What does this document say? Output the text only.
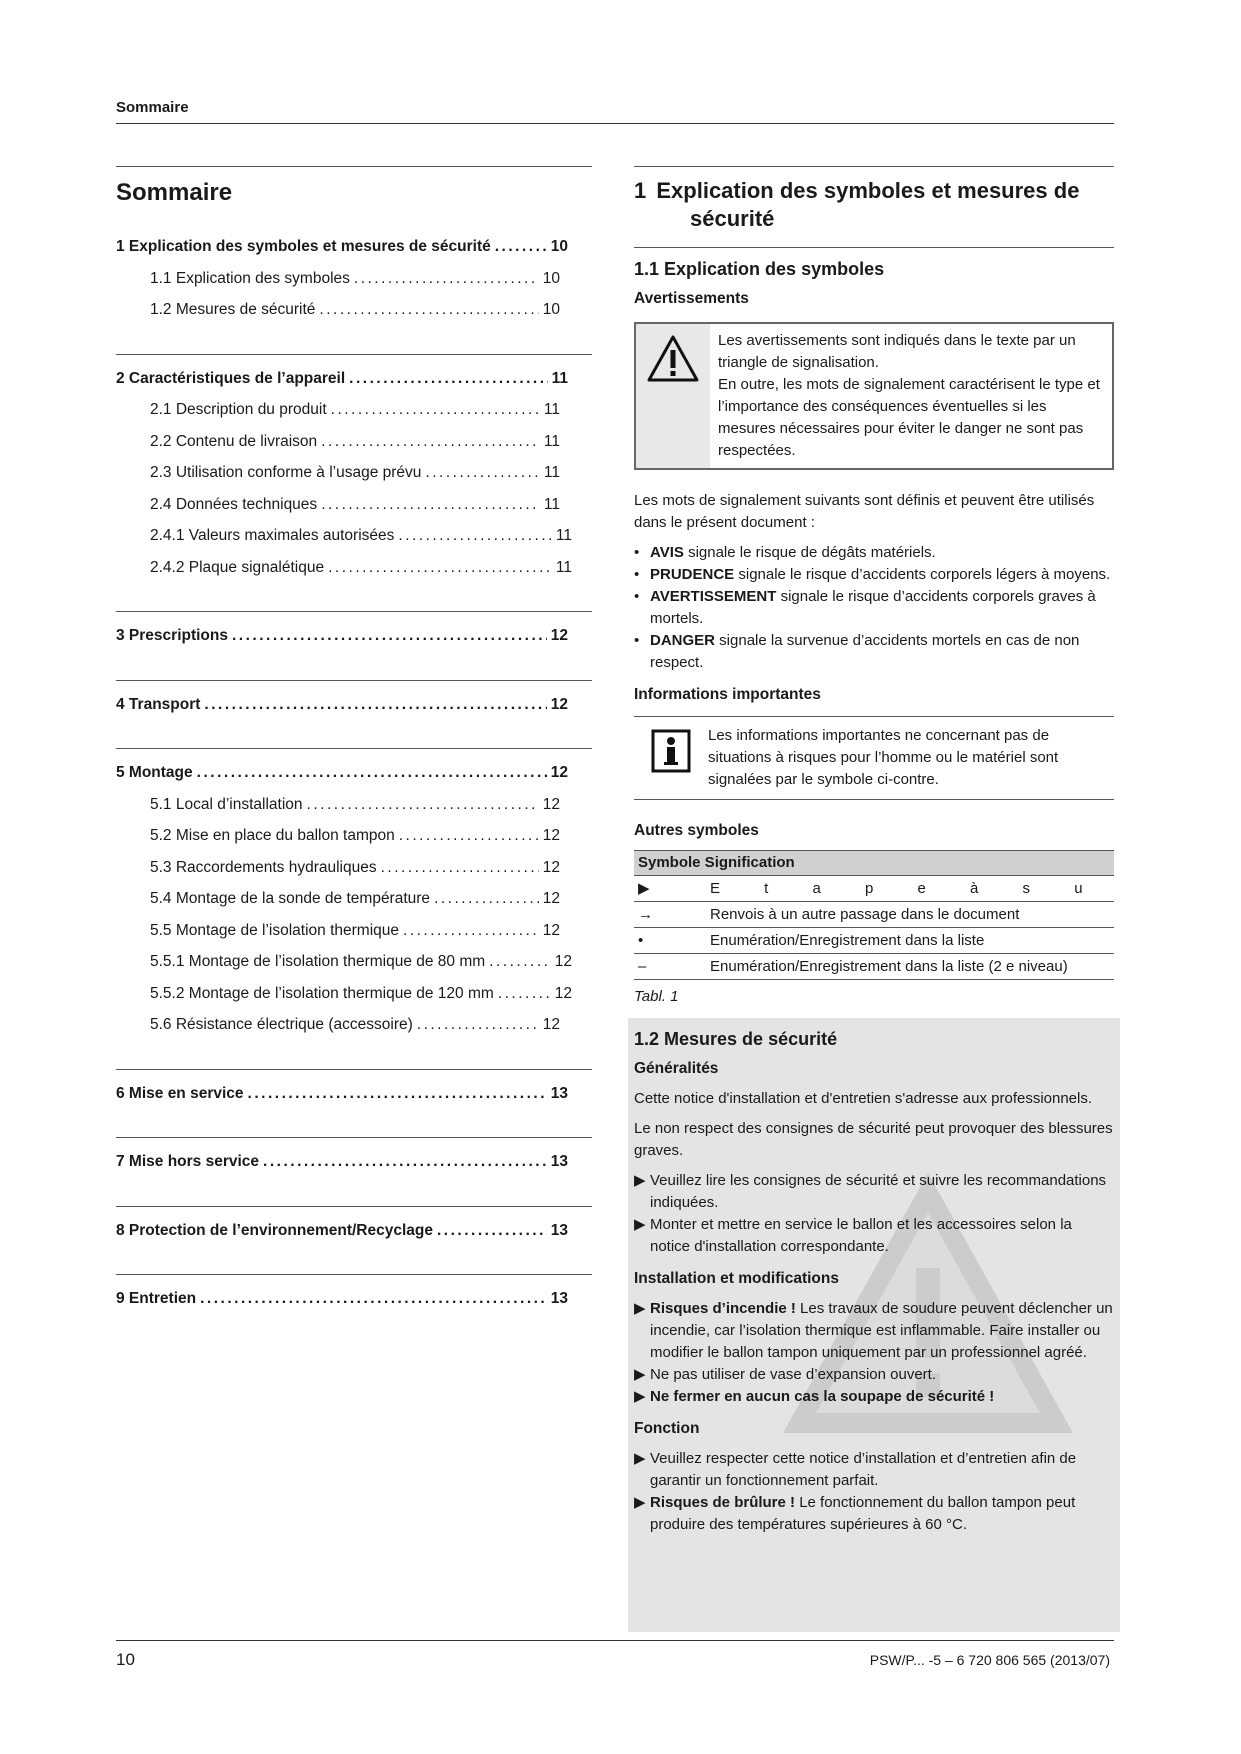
Sommaire
Sommaire
1 Explication des symboles et mesures de sécurité .....	10
1.1 Explication des symboles .....	10
1.2 Mesures de sécurité .....	10
2 Caractéristiques de l’appareil .....	11
2.1 Description du produit .....	11
2.2 Contenu de livraison .....	11
2.3 Utilisation conforme à l’usage prévu .....	11
2.4 Données techniques .....	11
2.4.1 Valeurs maximales autorisées .....	11
2.4.2 Plaque signalétique .....	11
3 Prescriptions .....	12
4 Transport .....	12
5 Montage .....	12
5.1 Local d’installation .....	12
5.2 Mise en place du ballon tampon .....	12
5.3 Raccordements hydrauliques .....	12
5.4 Montage de la sonde de température .....	12
5.5 Montage de l’isolation thermique .....	12
5.5.1 Montage de l’isolation thermique de 80 mm .....	12
5.5.2 Montage de l’isolation thermique de 120 mm .....	12
5.6 Résistance électrique (accessoire) .....	12
6 Mise en service .....	13
7 Mise hors service .....	13
8 Protection de l’environnement/Recyclage .....	13
9 Entretien .....	13
1 Explication des symboles et mesures de
sécurité
1.1 Explication des symboles
Avertissements
Les avertissements sont indiqués dans le texte par un triangle de signalisation.
En outre, les mots de signalement caractérisent le type et l’importance des conséquences éventuelles si les mesures nécessaires pour éviter le danger ne sont pas respectées.
Les mots de signalement suivants sont définis et peuvent être utilisés dans le présent document :
• AVIS signale le risque de dégâts matériels.
• PRUDENCE signale le risque d’accidents corporels légers à moyens.
• AVERTISSEMENT signale le risque d’accidents corporels graves à mortels.
• DANGER signale la survenue d’accidents mortels en cas de non respect.
Informations importantes
Les informations importantes ne concernant pas de situations à risques pour l’homme ou le matériel sont signalées par le symbole ci-contre.
Autres symboles
Symbole Signification	
▶	E t a p e à s u
→	Renvois à un autre passage dans le document
•	Enumération/Enregistrement dans la liste
–	Enumération/Enregistrement dans la liste (2 e niveau)
Tabl. 1
1.2 Mesures de sécurité
Généralités
Cette notice d'installation et d'entretien s'adresse aux professionnels.
Le non respect des consignes de sécurité peut provoquer des blessures graves.
▶ Veuillez lire les consignes de sécurité et suivre les recommandations indiquées.
▶ Monter et mettre en service le ballon et les accessoires selon la notice d'installation correspondante.
Installation et modifications
▶ Risques d’incendie ! Les travaux de soudure peuvent déclencher un incendie, car l’isolation thermique est inflammable. Faire installer ou modifier le ballon tampon uniquement par un professionnel agréé.
▶ Ne pas utiliser de vase d’expansion ouvert.
▶ Ne fermer en aucun cas la soupape de sécurité !
Fonction
▶ Veuillez respecter cette notice d’installation et d’entretien afin de garantir un fonctionnement parfait.
▶ Risques de brûlure ! Le fonctionnement du ballon tampon peut produire des températures supérieures à 60 °C.
10	PSW/P... -5 – 6 720 806 565 (2013/07)
